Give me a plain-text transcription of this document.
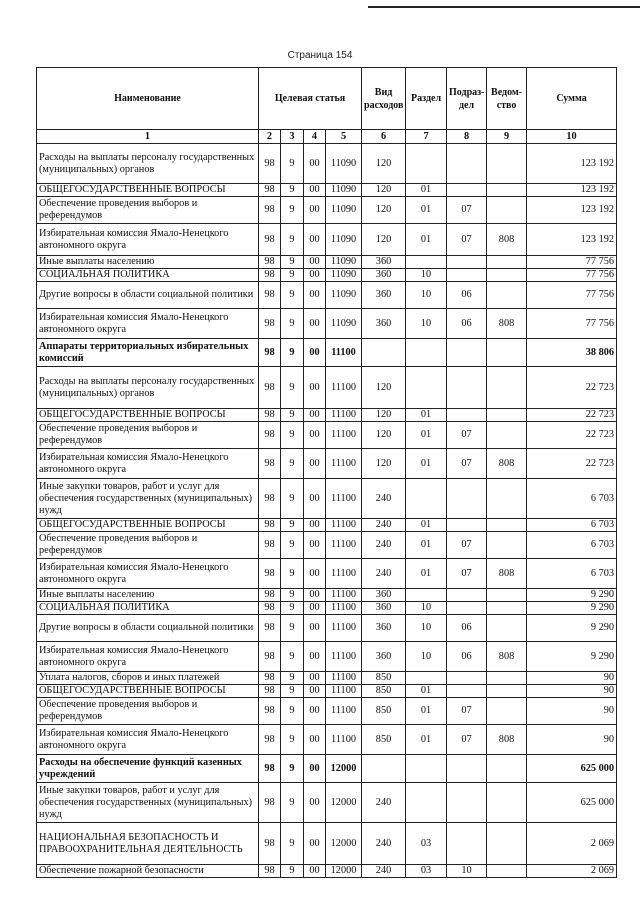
Страница 154
Наименование	Целевая статья				Вид расходов	Раздел	Подраз-дел	Ведом-ство	Сумма
1	2	3	4	5	6	7	8	9	10
Расходы на выплаты персоналу государственных (муниципальных) органов	98	9	00	11090	120				123 192
ОБЩЕГОСУДАРСТВЕННЫЕ ВОПРОСЫ	98	9	00	11090	120	01			123 192
Обеспечение проведения выборов и референдумов	98	9	00	11090	120	01	07		123 192
Избирательная комиссия Ямало-Ненецкого автономного округа	98	9	00	11090	120	01	07	808	123 192
Иные выплаты населению	98	9	00	11090	360				77 756
СОЦИАЛЬНАЯ ПОЛИТИКА	98	9	00	11090	360	10			77 756
Другие вопросы в области социальной политики	98	9	00	11090	360	10	06		77 756
Избирательная комиссия Ямало-Ненецкого автономного округа	98	9	00	11090	360	10	06	808	77 756
Аппараты территориальных избирательных комиссий	98	9	00	11100					38 806
Расходы на выплаты персоналу государственных (муниципальных) органов	98	9	00	11100	120				22 723
ОБЩЕГОСУДАРСТВЕННЫЕ ВОПРОСЫ	98	9	00	11100	120	01			22 723
Обеспечение проведения выборов и референдумов	98	9	00	11100	120	01	07		22 723
Избирательная комиссия Ямало-Ненецкого автономного округа	98	9	00	11100	120	01	07	808	22 723
Иные закупки товаров, работ и услуг для обеспечения государственных (муниципальных) нужд	98	9	00	11100	240				6 703
ОБЩЕГОСУДАРСТВЕННЫЕ ВОПРОСЫ	98	9	00	11100	240	01			6 703
Обеспечение проведения выборов и референдумов	98	9	00	11100	240	01	07		6 703
Избирательная комиссия Ямало-Ненецкого автономного округа	98	9	00	11100	240	01	07	808	6 703
Иные выплаты населению	98	9	00	11100	360				9 290
СОЦИАЛЬНАЯ ПОЛИТИКА	98	9	00	11100	360	10			9 290
Другие вопросы в области социальной политики	98	9	00	11100	360	10	06		9 290
Избирательная комиссия Ямало-Ненецкого автономного округа	98	9	00	11100	360	10	06	808	9 290
Уплата налогов, сборов и иных платежей	98	9	00	11100	850				90
ОБЩЕГОСУДАРСТВЕННЫЕ ВОПРОСЫ	98	9	00	11100	850	01			90
Обеспечение проведения выборов и референдумов	98	9	00	11100	850	01	07		90
Избирательная комиссия Ямало-Ненецкого автономного округа	98	9	00	11100	850	01	07	808	90
Расходы на обеспечение функций казенных учреждений	98	9	00	12000					625 000
Иные закупки товаров, работ и услуг для обеспечения государственных (муниципальных) нужд	98	9	00	12000	240				625 000
НАЦИОНАЛЬНАЯ БЕЗОПАСНОСТЬ И ПРАВООХРАНИТЕЛЬНАЯ ДЕЯТЕЛЬНОСТЬ	98	9	00	12000	240	03			2 069
Обеспечение пожарной безопасности	98	9	00	12000	240	03	10		2 069
